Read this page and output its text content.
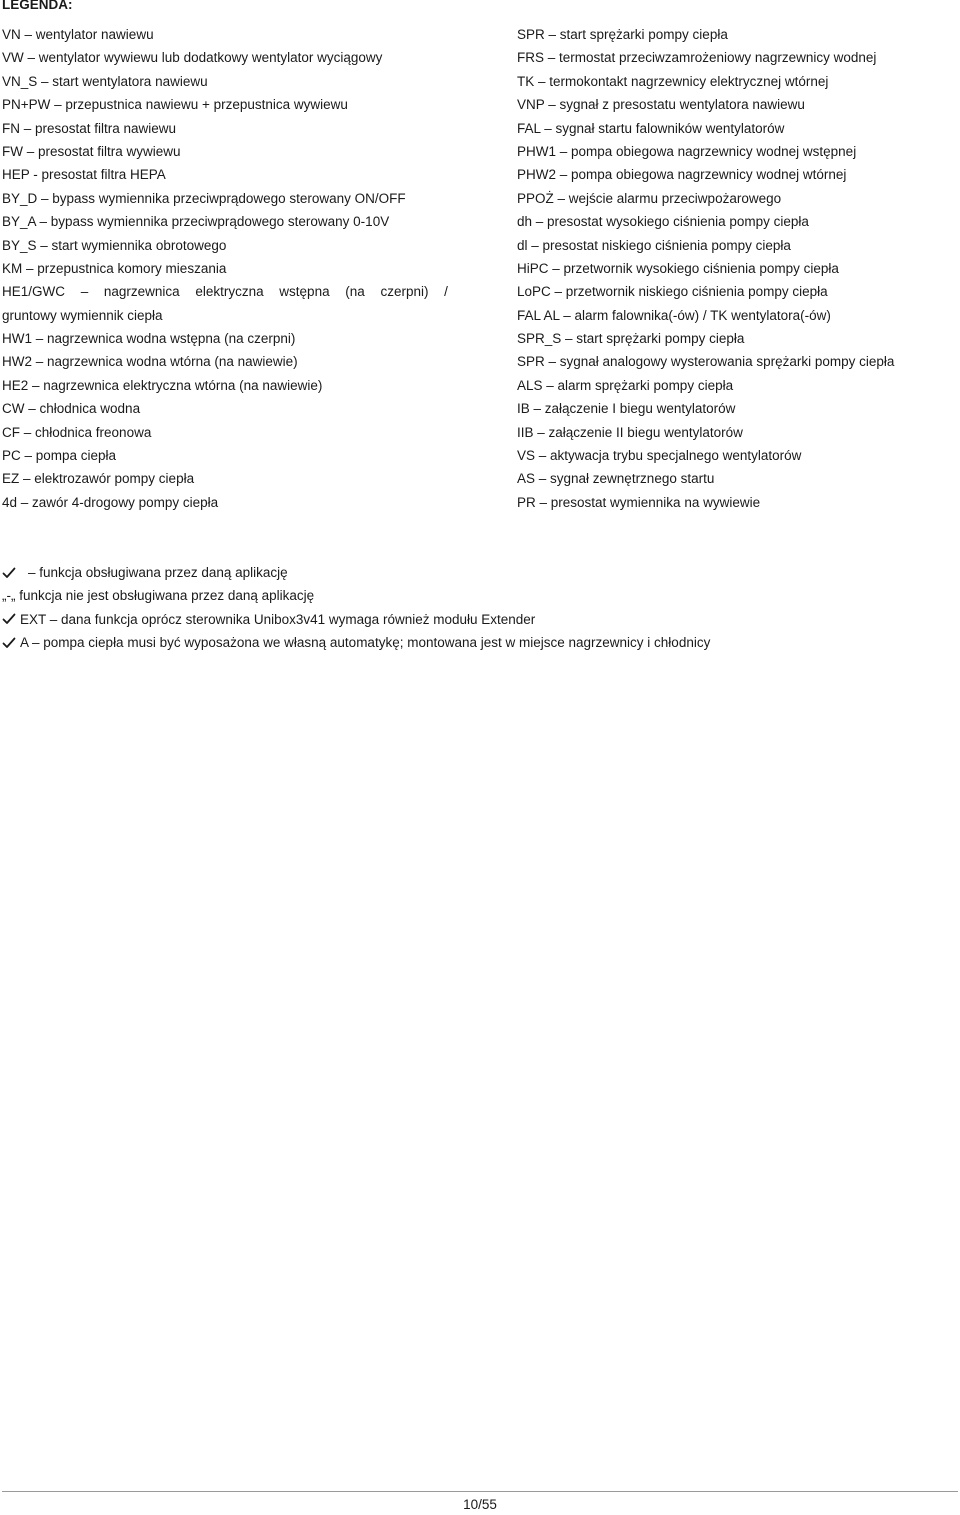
LEGENDA:
VN – wentylator nawiewu
VW – wentylator wywiewu lub dodatkowy wentylator wyciągowy
VN_S – start wentylatora nawiewu
PN+PW – przepustnica nawiewu + przepustnica wywiewu
FN – presostat filtra nawiewu
FW – presostat filtra wywiewu
HEP - presostat filtra HEPA
BY_D – bypass wymiennika przeciwprądowego sterowany ON/OFF
BY_A – bypass wymiennika przeciwprądowego sterowany 0-10V
BY_S – start wymiennika obrotowego
KM – przepustnica komory mieszania
HE1/GWC – nagrzewnica elektryczna wstępna (na czerpni) /
gruntowy wymiennik ciepła
HW1 – nagrzewnica wodna wstępna (na czerpni)
HW2 – nagrzewnica wodna wtórna (na nawiewie)
HE2 – nagrzewnica elektryczna wtórna (na nawiewie)
CW – chłodnica wodna
CF – chłodnica freonowa
PC – pompa ciepła
EZ – elektrozawór pompy ciepła
4d – zawór 4-drogowy pompy ciepła
SPR – start sprężarki pompy ciepła
FRS – termostat przeciwzamrożeniowy nagrzewnicy wodnej
TK – termokontakt nagrzewnicy elektrycznej wtórnej
VNP – sygnał z presostatu wentylatora nawiewu
FAL – sygnał startu falowników wentylatorów
PHW1 – pompa obiegowa nagrzewnicy wodnej wstępnej
PHW2 – pompa obiegowa nagrzewnicy wodnej wtórnej
PPOŻ – wejście alarmu przeciwpożarowego
dh – presostat wysokiego ciśnienia pompy ciepła
dl – presostat niskiego ciśnienia pompy ciepła
HiPC – przetwornik wysokiego ciśnienia pompy ciepła
LoPC – przetwornik niskiego ciśnienia pompy ciepła
FAL AL – alarm falownika(-ów) / TK wentylatora(-ów)
SPR_S – start sprężarki pompy ciepła
SPR – sygnał analogowy wysterowania sprężarki pompy ciepła
ALS – alarm sprężarki pompy ciepła
IB – załączenie I biegu wentylatorów
IIB – załączenie II biegu wentylatorów
VS – aktywacja trybu specjalnego wentylatorów
AS – sygnał zewnętrznego startu
PR – presostat wymiennika na wywiewie
– funkcja obsługiwana przez daną aplikację
„-„ funkcja nie jest obsługiwana przez daną aplikację
EXT – dana funkcja oprócz sterownika Unibox3v41 wymaga również modułu Extender
A – pompa ciepła musi być wyposażona we własną automatykę; montowana jest w miejsce nagrzewnicy i chłodnicy
10/55
